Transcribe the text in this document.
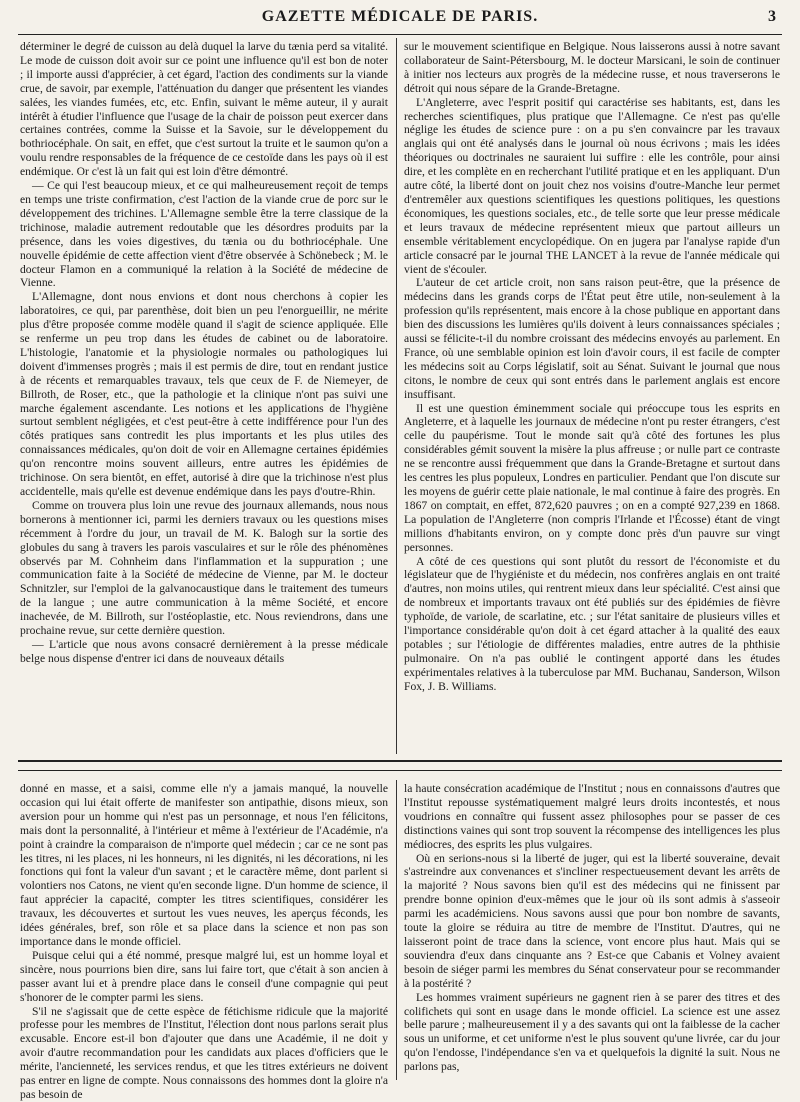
GAZETTE MÉDICALE DE PARIS.	3

déterminer le degré de cuisson au delà duquel la larve du tænia perd sa vitalité. Le mode de cuisson doit avoir sur ce point une influence qu'il est bon de noter ; il importe aussi d'apprécier, à cet égard, l'action des condiments sur la viande crue, de savoir, par exemple, l'atténuation du danger que présentent les viandes salées, les viandes fumées, etc, etc. Enfin, suivant le même auteur, il y aurait intérêt à étudier l'influence que l'usage de la chair de poisson peut exercer dans certaines contrées, comme la Suisse et la Savoie, sur le développement du bothriocéphale. On sait, en effet, que c'est surtout la truite et le saumon qu'on a voulu rendre responsables de la fréquence de ce cestoïde dans les pays où il est endémique. Or c'est là un fait qui est loin d'être démontré.

— Ce qui l'est beaucoup mieux, et ce qui malheureusement reçoit de temps en temps une triste confirmation, c'est l'action de la viande crue de porc sur le développement des trichines. L'Allemagne semble être la terre classique de la trichinose, maladie autrement redoutable que les désordres produits par la présence, dans les voies digestives, du tænia ou du bothriocéphale. Une nouvelle épidémie de cette affection vient d'être observée à Schönebeck ; M. le docteur Flamon en a communiqué la relation à la Société de médecine de Vienne.

L'Allemagne, dont nous envions et dont nous cherchons à copier les laboratoires, ce qui, par parenthèse, doit bien un peu l'enorgueillir, ne mérite plus d'être proposée comme modèle quand il s'agit de science appliquée. Elle se renferme un peu trop dans les études de cabinet ou de laboratoire. L'histologie, l'anatomie et la physiologie normales ou pathologiques lui doivent d'immenses progrès ; mais il est permis de dire, tout en rendant justice à de récents et remarquables travaux, tels que ceux de F. de Niemeyer, de Billroth, de Roser, etc., que la pathologie et la clinique n'ont pas suivi une marche également ascendante. Les notions et les applications de l'hygiène surtout semblent négligées, et c'est peut-être à cette indifférence pour l'un des côtés pratiques sans contredit les plus importants et les plus utiles des connaissances médicales, qu'on doit de voir en Allemagne certaines épidémies qu'on rencontre moins souvent ailleurs, entre autres les épidémies de trichinose. On sera bientôt, en effet, autorisé à dire que la trichinose n'est plus accidentelle, mais qu'elle est devenue endémique dans les pays d'outre-Rhin.

Comme on trouvera plus loin une revue des journaux allemands, nous nous bornerons à mentionner ici, parmi les derniers travaux ou les questions mises récemment à l'ordre du jour, un travail de M. K. Balogh sur la sortie des globules du sang à travers les parois vasculaires et sur le rôle des phénomènes observés par M. Cohnheim dans l'inflammation et la suppuration ; une communication faite à la Société de médecine de Vienne, par M. le docteur Schnitzler, sur l'emploi de la galvanocaustique dans le traitement des tumeurs de la langue ; une autre communication à la même Société, et encore inachevée, de M. Billroth, sur l'ostéoplastie, etc. Nous reviendrons, dans une prochaine revue, sur cette dernière question.

— L'article que nous avons consacré dernièrement à la presse médicale belge nous dispense d'entrer ici dans de nouveaux détails

sur le mouvement scientifique en Belgique. Nous laisserons aussi à notre savant collaborateur de Saint-Pétersbourg, M. le docteur Marsicani, le soin de continuer à initier nos lecteurs aux progrès de la médecine russe, et nous traverserons le détroit qui nous sépare de la Grande-Bretagne.

L'Angleterre, avec l'esprit positif qui caractérise ses habitants, est, dans les recherches scientifiques, plus pratique que l'Allemagne. Ce n'est pas qu'elle néglige les études de science pure : on a pu s'en convaincre par les travaux anglais qui ont été analysés dans le journal où nous écrivons ; mais les idées théoriques ou doctrinales ne sauraient lui suffire : elle les contrôle, pour ainsi dire, et les complète en en recherchant l'utilité pratique et en les appliquant. D'un autre côté, la liberté dont on jouit chez nos voisins d'outre-Manche leur permet d'entremêler aux questions scientifiques les questions politiques, les questions économiques, les questions sociales, etc., de telle sorte que leur presse médicale et leurs travaux de médecine représentent mieux que partout ailleurs un ensemble véritablement encyclopédique. On en jugera par l'analyse rapide d'un article consacré par le journal THE LANCET à la revue de l'année médicale qui vient de s'écouler.

L'auteur de cet article croit, non sans raison peut-être, que la présence de médecins dans les grands corps de l'État peut être utile, non-seulement à la profession qu'ils représentent, mais encore à la chose publique en apportant dans bien des discussions les lumières qu'ils doivent à leurs connaissances spéciales ; aussi se félicite-t-il du nombre croissant des médecins envoyés au parlement. En France, où une semblable opinion est loin d'avoir cours, il est facile de compter les médecins soit au Corps législatif, soit au Sénat. Suivant le journal que nous citons, le nombre de ceux qui sont entrés dans le parlement anglais est encore insuffisant.

Il est une question éminemment sociale qui préoccupe tous les esprits en Angleterre, et à laquelle les journaux de médecine n'ont pu rester étrangers, c'est celle du paupérisme. Tout le monde sait qu'à côté des fortunes les plus considérables gémit souvent la misère la plus affreuse ; or nulle part ce contraste ne se rencontre aussi fréquemment que dans la Grande-Bretagne et surtout dans les centres les plus populeux, Londres en particulier. Pendant que l'on discute sur les moyens de guérir cette plaie nationale, le mal continue à faire des progrès. En 1867 on comptait, en effet, 872,620 pauvres ; on en a compté 927,239 en 1868. La population de l'Angleterre (non compris l'Irlande et l'Écosse) étant de vingt millions d'habitants environ, on y compte donc près d'un pauvre sur vingt personnes.

A côté de ces questions qui sont plutôt du ressort de l'économiste et du législateur que de l'hygiéniste et du médecin, nos confrères anglais en ont traité d'autres, non moins utiles, qui rentrent mieux dans leur spécialité. C'est ainsi que de nombreux et importants travaux ont été publiés sur des épidémies de fièvre typhoïde, de variole, de scarlatine, etc. ; sur l'état sanitaire de plusieurs villes et l'importance considérable qu'on doit à cet égard attacher à la qualité des eaux potables ; sur l'étiologie de différentes maladies, entre autres de la phthisie pulmonaire. On n'a pas oublié le contingent apporté dans les études expérimentales relatives à la tuberculose par MM. Buchanau, Sanderson, Wilson Fox, J. B. Williams.

donné en masse, et a saisi, comme elle n'y a jamais manqué, la nouvelle occasion qui lui était offerte de manifester son antipathie, disons mieux, son aversion pour un homme qui n'est pas un personnage, et nous l'en félicitons, mais dont la personnalité, à l'intérieur et même à l'extérieur de l'Académie, n'a point à craindre la comparaison de n'importe quel médecin ; car ce ne sont pas les titres, ni les places, ni les honneurs, ni les dignités, ni les décorations, ni les fonctions qui font la valeur d'un savant ; et le caractère même, dont parlent si volontiers nos Catons, ne vient qu'en seconde ligne. D'un homme de science, il faut apprécier la capacité, compter les titres scientifiques, considérer les travaux, les découvertes et surtout les vues neuves, les aperçus féconds, les idées générales, bref, son rôle et sa place dans la science et non pas son importance dans le monde officiel.

Puisque celui qui a été nommé, presque malgré lui, est un homme loyal et sincère, nous pourrions bien dire, sans lui faire tort, que c'était à son ancien à passer avant lui et à prendre place dans le conseil d'une compagnie qui peut s'honorer de le compter parmi les siens.

S'il ne s'agissait que de cette espèce de fétichisme ridicule que la majorité professe pour les membres de l'Institut, l'élection dont nous parlons serait plus excusable. Encore est-il bon d'ajouter que dans une Académie, il ne doit y avoir d'autre recommandation pour les candidats aux places d'officiers que le mérite, l'ancienneté, les services rendus, et que les titres extérieurs ne doivent pas entrer en ligne de compte. Nous connaissons des hommes dont la gloire n'a pas besoin de

la haute consécration académique de l'Institut ; nous en connaissons d'autres que l'Institut repousse systématiquement malgré leurs droits incontestés, et nous voudrions en connaître qui fussent assez philosophes pour se passer de ces distinctions vaines qui sont trop souvent la récompense des intelligences les plus médiocres, des esprits les plus vulgaires.

Où en serions-nous si la liberté de juger, qui est la liberté souveraine, devait s'astreindre aux convenances et s'incliner respectueusement devant les arrêts de la majorité ? Nous savons bien qu'il est des médecins qui ne finissent par prendre bonne opinion d'eux-mêmes que le jour où ils sont admis à s'asseoir parmi les académiciens. Nous savons aussi que pour bon nombre de savants, toute la gloire se réduira au titre de membre de l'Institut. D'autres, qui ne laisseront point de trace dans la science, vont encore plus haut. Mais qui se souviendra d'eux dans cinquante ans ? Est-ce que Cabanis et Volney avaient besoin de siéger parmi les membres du Sénat conservateur pour se recommander à la postérité ?

Les hommes vraiment supérieurs ne gagnent rien à se parer des titres et des colifichets qui sont en usage dans le monde officiel. La science est une assez belle parure ; malheureusement il y a des savants qui ont la faiblesse de la cacher sous un uniforme, et cet uniforme n'est le plus souvent qu'une livrée, car du jour qu'on l'endosse, l'indépendance s'en va et quelquefois la dignité la suit. Nous ne parlons pas,
